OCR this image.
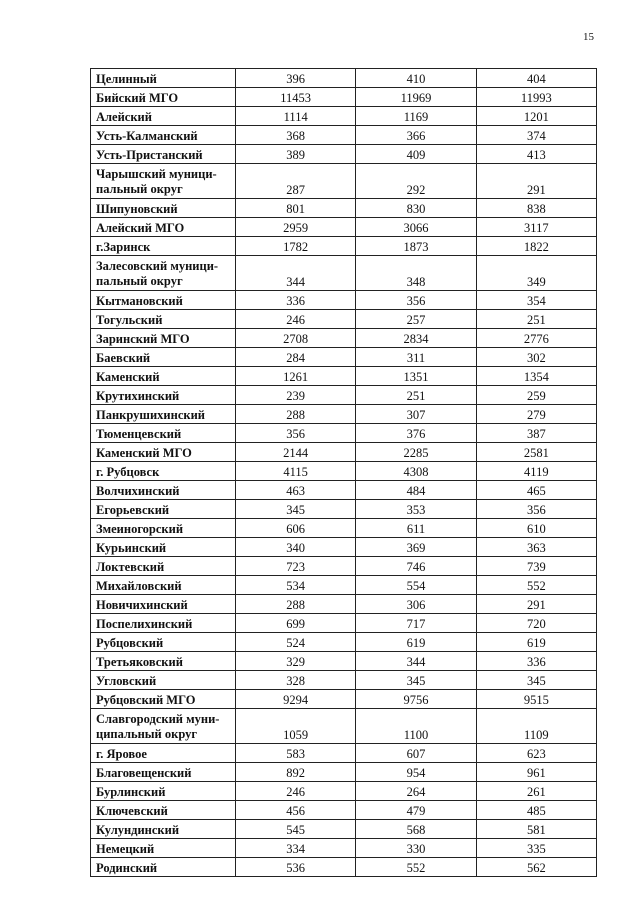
15
Целинный	396	410	404
Бийский МГО	11453	11969	11993
Алейский	1114	1169	1201
Усть-Калманский	368	366	374
Усть-Пристанский	389	409	413
Чарышский муници-
пальный округ	287	292	291
Шипуновский	801	830	838
Алейский МГО	2959	3066	3117
г.Заринск	1782	1873	1822
Залесовский муници-
пальный округ	344	348	349
Кытмановский	336	356	354
Тогульский	246	257	251
Заринский МГО	2708	2834	2776
Баевский	284	311	302
Каменский	1261	1351	1354
Крутихинский	239	251	259
Панкрушихинский	288	307	279
Тюменцевский	356	376	387
Каменский МГО	2144	2285	2581
г. Рубцовск	4115	4308	4119
Волчихинский	463	484	465
Егорьевский	345	353	356
Змеиногорский	606	611	610
Курьинский	340	369	363
Локтевский	723	746	739
Михайловский	534	554	552
Новичихинский	288	306	291
Поспелихинский	699	717	720
Рубцовский	524	619	619
Третьяковский	329	344	336
Угловский	328	345	345
Рубцовский МГО	9294	9756	9515
Славгородский муни-
ципальный округ	1059	1100	1109
г. Яровое	583	607	623
Благовещенский	892	954	961
Бурлинский	246	264	261
Ключевский	456	479	485
Кулундинский	545	568	581
Немецкий	334	330	335
Родинский	536	552	562
